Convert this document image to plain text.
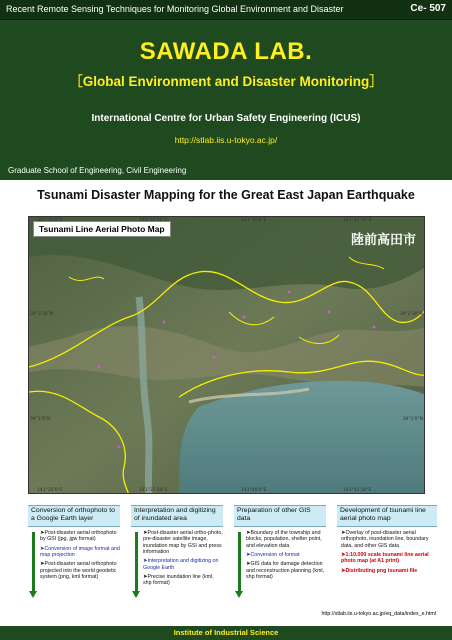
Recent Remote Sensing Techniques for Monitoring Global Environment and Disaster	Ce- 507
SAWADA LAB.
［Global Environment and Disaster Monitoring］
International Centre for Urban Safety Engineering (ICUS)
http://stlab.iis.u-tokyo.ac.jp/
Graduate School of Engineering, Civil Engineering
Tsunami Disaster Mapping for the Great East Japan Earthquake
Tsunami Line Aerial Photo Map
陸前高田市
141°35'0"E	141°37'30"E	141°40'0"E	141°42'30"E
141°35'0"E	141°37'30"E	141°40'0"E	141°42'30"E
39°2'30"N
39°1'0"N
39°2'30"N
39°1'0"N
Conversion of orthophoto to a Google Earth layer
➤Post-disaster aerial orthophoto by GSI (jpg, jgw format)
➤Conversion of image format and map projection
➤Post-disaster aerial orthophoto projected into the world geodetic system (png, kml format)
Interpretation and digitizing of inundated area
➤Post-disaster aerial ortho-photo, pre-disaster satellite image, inundation map by GSI and press information
➤Interpretation and digitizing on Google Earth
➤Precise inundation line (kml, shp format)
Preparation of other GIS data
➤Boundary of the township and blocks, population, shelter point, and elevation data
➤Conversion of format
➤GIS data for damage detection and reconstruction planning (kml, shp format)
Development of tsunami line aerial photo map
➤Overlay of post-disaster aerial orthophoto, inundation line, boundary data, and other GIS data
➤1:10,000 scale tsunami line aerial photo map (at A1 print)
➤Distributing png tsunami file
http://stlab.iis.u-tokyo.ac.jp/eq_data/index_e.html
Institute of Industrial Science
